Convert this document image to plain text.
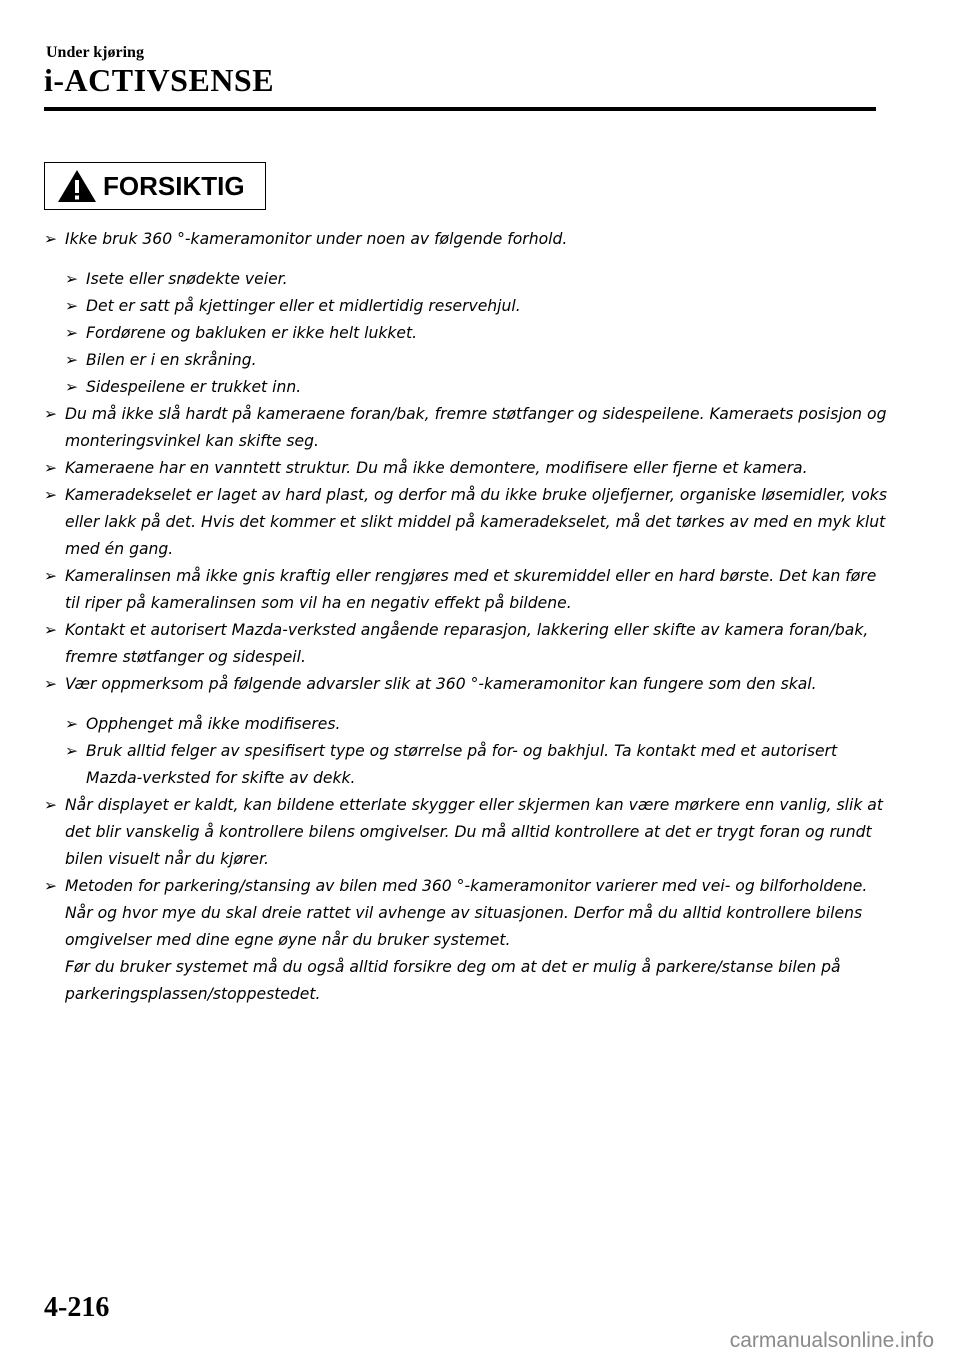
Under kjøring
i-ACTIVSENSE
FORSIKTIG
➢ Ikke bruk 360 °-kameramonitor under noen av følgende forhold.
➢ Isete eller snødekte veier.
➢ Det er satt på kjettinger eller et midlertidig reservehjul.
➢ Fordørene og bakluken er ikke helt lukket.
➢ Bilen er i en skråning.
➢ Sidespeilene er trukket inn.
➢ Du må ikke slå hardt på kameraene foran/bak, fremre støtfanger og sidespeilene. Kameraets posisjon og monteringsvinkel kan skifte seg.
➢ Kameraene har en vanntett struktur. Du må ikke demontere, modifisere eller fjerne et kamera.
➢ Kameradekselet er laget av hard plast, og derfor må du ikke bruke oljefjerner, organiske løsemidler, voks eller lakk på det. Hvis det kommer et slikt middel på kameradekselet, må det tørkes av med en myk klut med én gang.
➢ Kameralinsen må ikke gnis kraftig eller rengjøres med et skuremiddel eller en hard børste. Det kan føre til riper på kameralinsen som vil ha en negativ effekt på bildene.
➢ Kontakt et autorisert Mazda-verksted angående reparasjon, lakkering eller skifte av kamera foran/bak, fremre støtfanger og sidespeil.
➢ Vær oppmerksom på følgende advarsler slik at 360 °-kameramonitor kan fungere som den skal.
➢ Opphenget må ikke modifiseres.
➢ Bruk alltid felger av spesifisert type og størrelse på for- og bakhjul. Ta kontakt med et autorisert Mazda-verksted for skifte av dekk.
➢ Når displayet er kaldt, kan bildene etterlate skygger eller skjermen kan være mørkere enn vanlig, slik at det blir vanskelig å kontrollere bilens omgivelser. Du må alltid kontrollere at det er trygt foran og rundt bilen visuelt når du kjører.
➢ Metoden for parkering/stansing av bilen med 360 °-kameramonitor varierer med vei- og bilforholdene. Når og hvor mye du skal dreie rattet vil avhenge av situasjonen. Derfor må du alltid kontrollere bilens omgivelser med dine egne øyne når du bruker systemet.
Før du bruker systemet må du også alltid forsikre deg om at det er mulig å parkere/stanse bilen på parkeringsplassen/stoppestedet.
4-216
carmanualsonline.info
